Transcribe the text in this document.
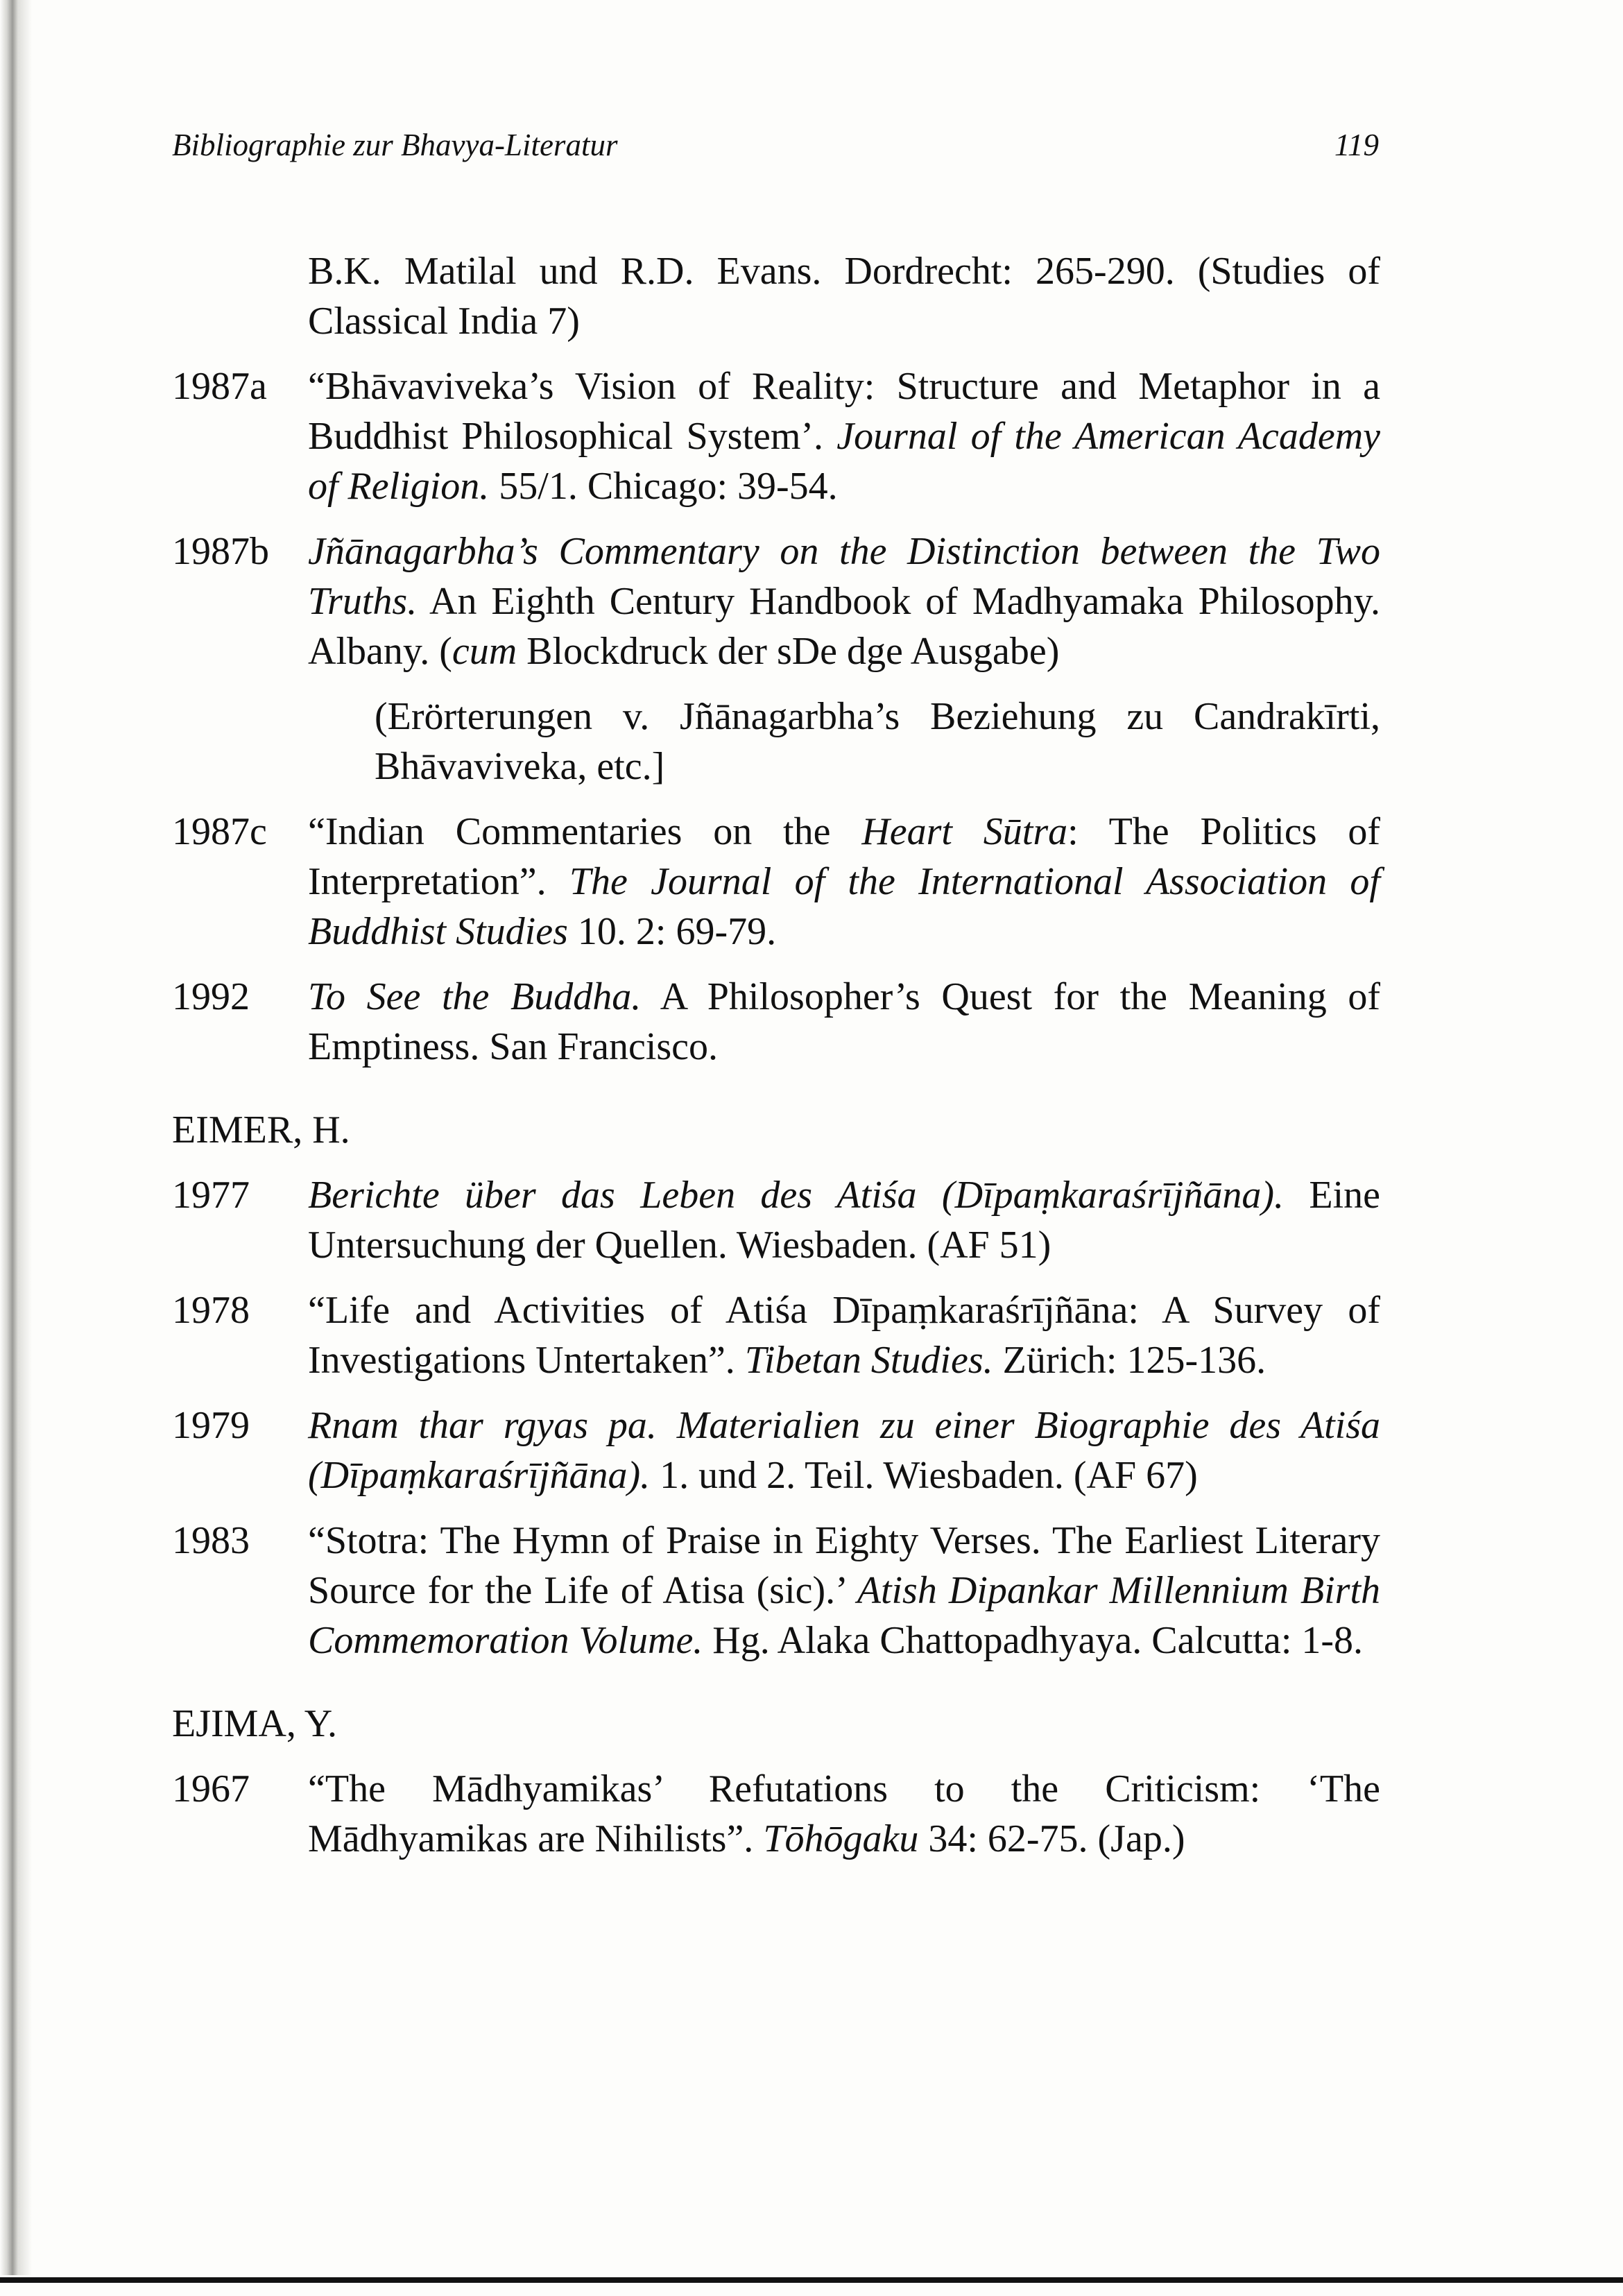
Bibliographie zur Bhavya-Literatur	119
B.K. Matilal und R.D. Evans. Dordrecht: 265-290. (Studies of Classical India 7)
1987a “Bhāvaviveka’s Vision of Reality: Structure and Metaphor in a Buddhist Philosophical System’. Journal of the American Academy of Religion. 55/1. Chicago: 39-54.
1987b Jñānagarbha’s Commentary on the Distinction between the Two Truths. An Eighth Century Handbook of Madhyamaka Philosophy. Albany. (cum Blockdruck der sDe dge Ausgabe)
(Erörterungen v. Jñānagarbha’s Beziehung zu Candrakīrti, Bhāvaviveka, etc.]
1987c “Indian Commentaries on the Heart Sūtra: The Politics of Interpretation”. The Journal of the International Association of Buddhist Studies 10. 2: 69-79.
1992 To See the Buddha. A Philosopher’s Quest for the Meaning of Emptiness. San Francisco.
EIMER, H.
1977 Berichte über das Leben des Atiśa (Dīpaṃkaraśrījñāna). Eine Untersuchung der Quellen. Wiesbaden. (AF 51)
1978 “Life and Activities of Atiśa Dīpaṃkaraśrījñāna: A Survey of Investigations Untertaken”. Tibetan Studies. Zürich: 125-136.
1979 Rnam thar rgyas pa. Materialien zu einer Biographie des Atiśa (Dīpaṃkaraśrījñāna). 1. und 2. Teil. Wiesbaden. (AF 67)
1983 “Stotra: The Hymn of Praise in Eighty Verses. The Earliest Literary Source for the Life of Atisa (sic).’ Atish Dipankar Millennium Birth Commemoration Volume. Hg. Alaka Chattopadhyaya. Calcutta: 1-8.
EJIMA, Y.
1967 “The Mādhyamikas’ Refutations to the Criticism: ‘The Mādhyamikas are Nihilists”. Tōhōgaku 34: 62-75. (Jap.)
